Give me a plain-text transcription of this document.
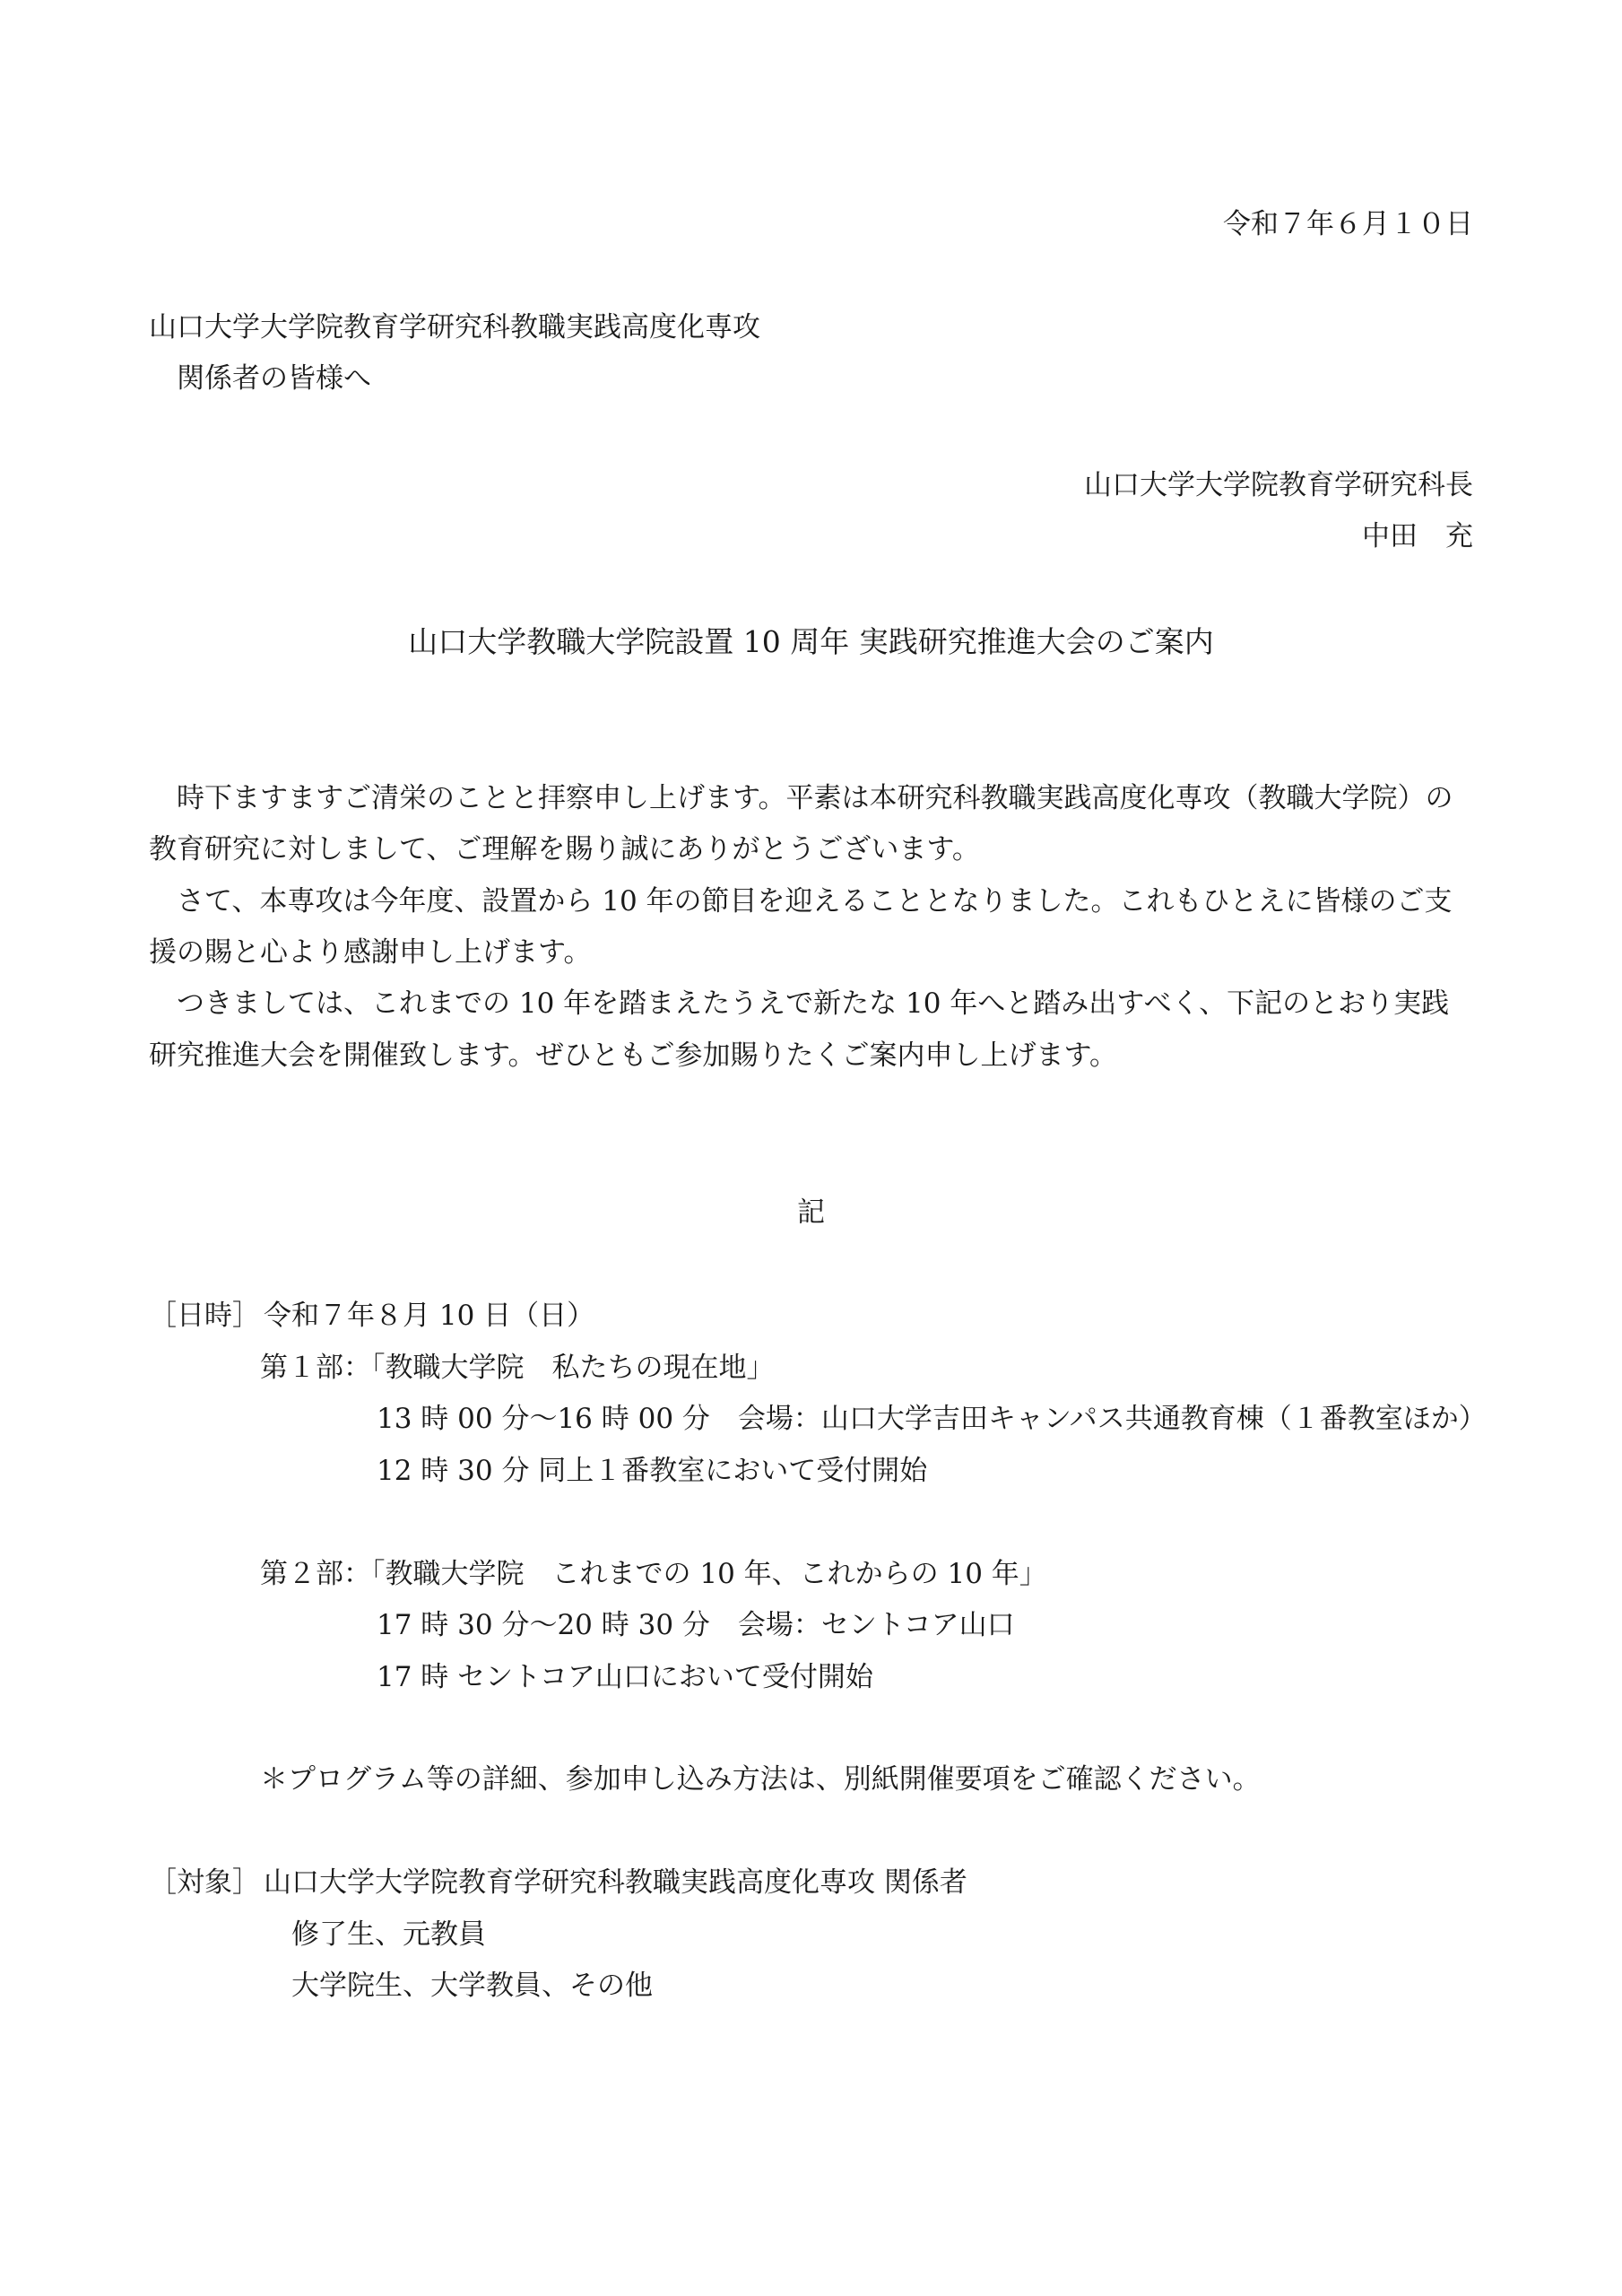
令和７年６月１０日
山口大学大学院教育学研究科教職実践高度化専攻
関係者の皆様へ
山口大学大学院教育学研究科長
中田　充
山口大学教職大学院設置 10 周年 実践研究推進大会のご案内
時下ますますご清栄のことと拝察申し上げます。平素は本研究科教職実践高度化専攻（教職大学院）の
教育研究に対しまして、ご理解を賜り誠にありがとうございます。
さて、本専攻は今年度、設置から 10 年の節目を迎えることとなりました。これもひとえに皆様のご支
援の賜と心より感謝申し上げます。
つきましては、これまでの 10 年を踏まえたうえで新たな 10 年へと踏み出すべく、下記のとおり実践
研究推進大会を開催致します。ぜひともご参加賜りたくご案内申し上げます。
記
［日時］ 令和７年８月 10 日（日）
第１部：「教職大学院　私たちの現在地」
13 時 00 分～16 時 00 分　会場：山口大学吉田キャンパス共通教育棟（１番教室ほか）
12 時 30 分 同上１番教室において受付開始
第２部：「教職大学院　これまでの 10 年、これからの 10 年」
17 時 30 分～20 時 30 分　会場：セントコア山口
17 時 セントコア山口において受付開始
＊プログラム等の詳細、参加申し込み方法は、別紙開催要項をご確認ください。
［対象］ 山口大学大学院教育学研究科教職実践高度化専攻 関係者
修了生、元教員
大学院生、大学教員、その他
